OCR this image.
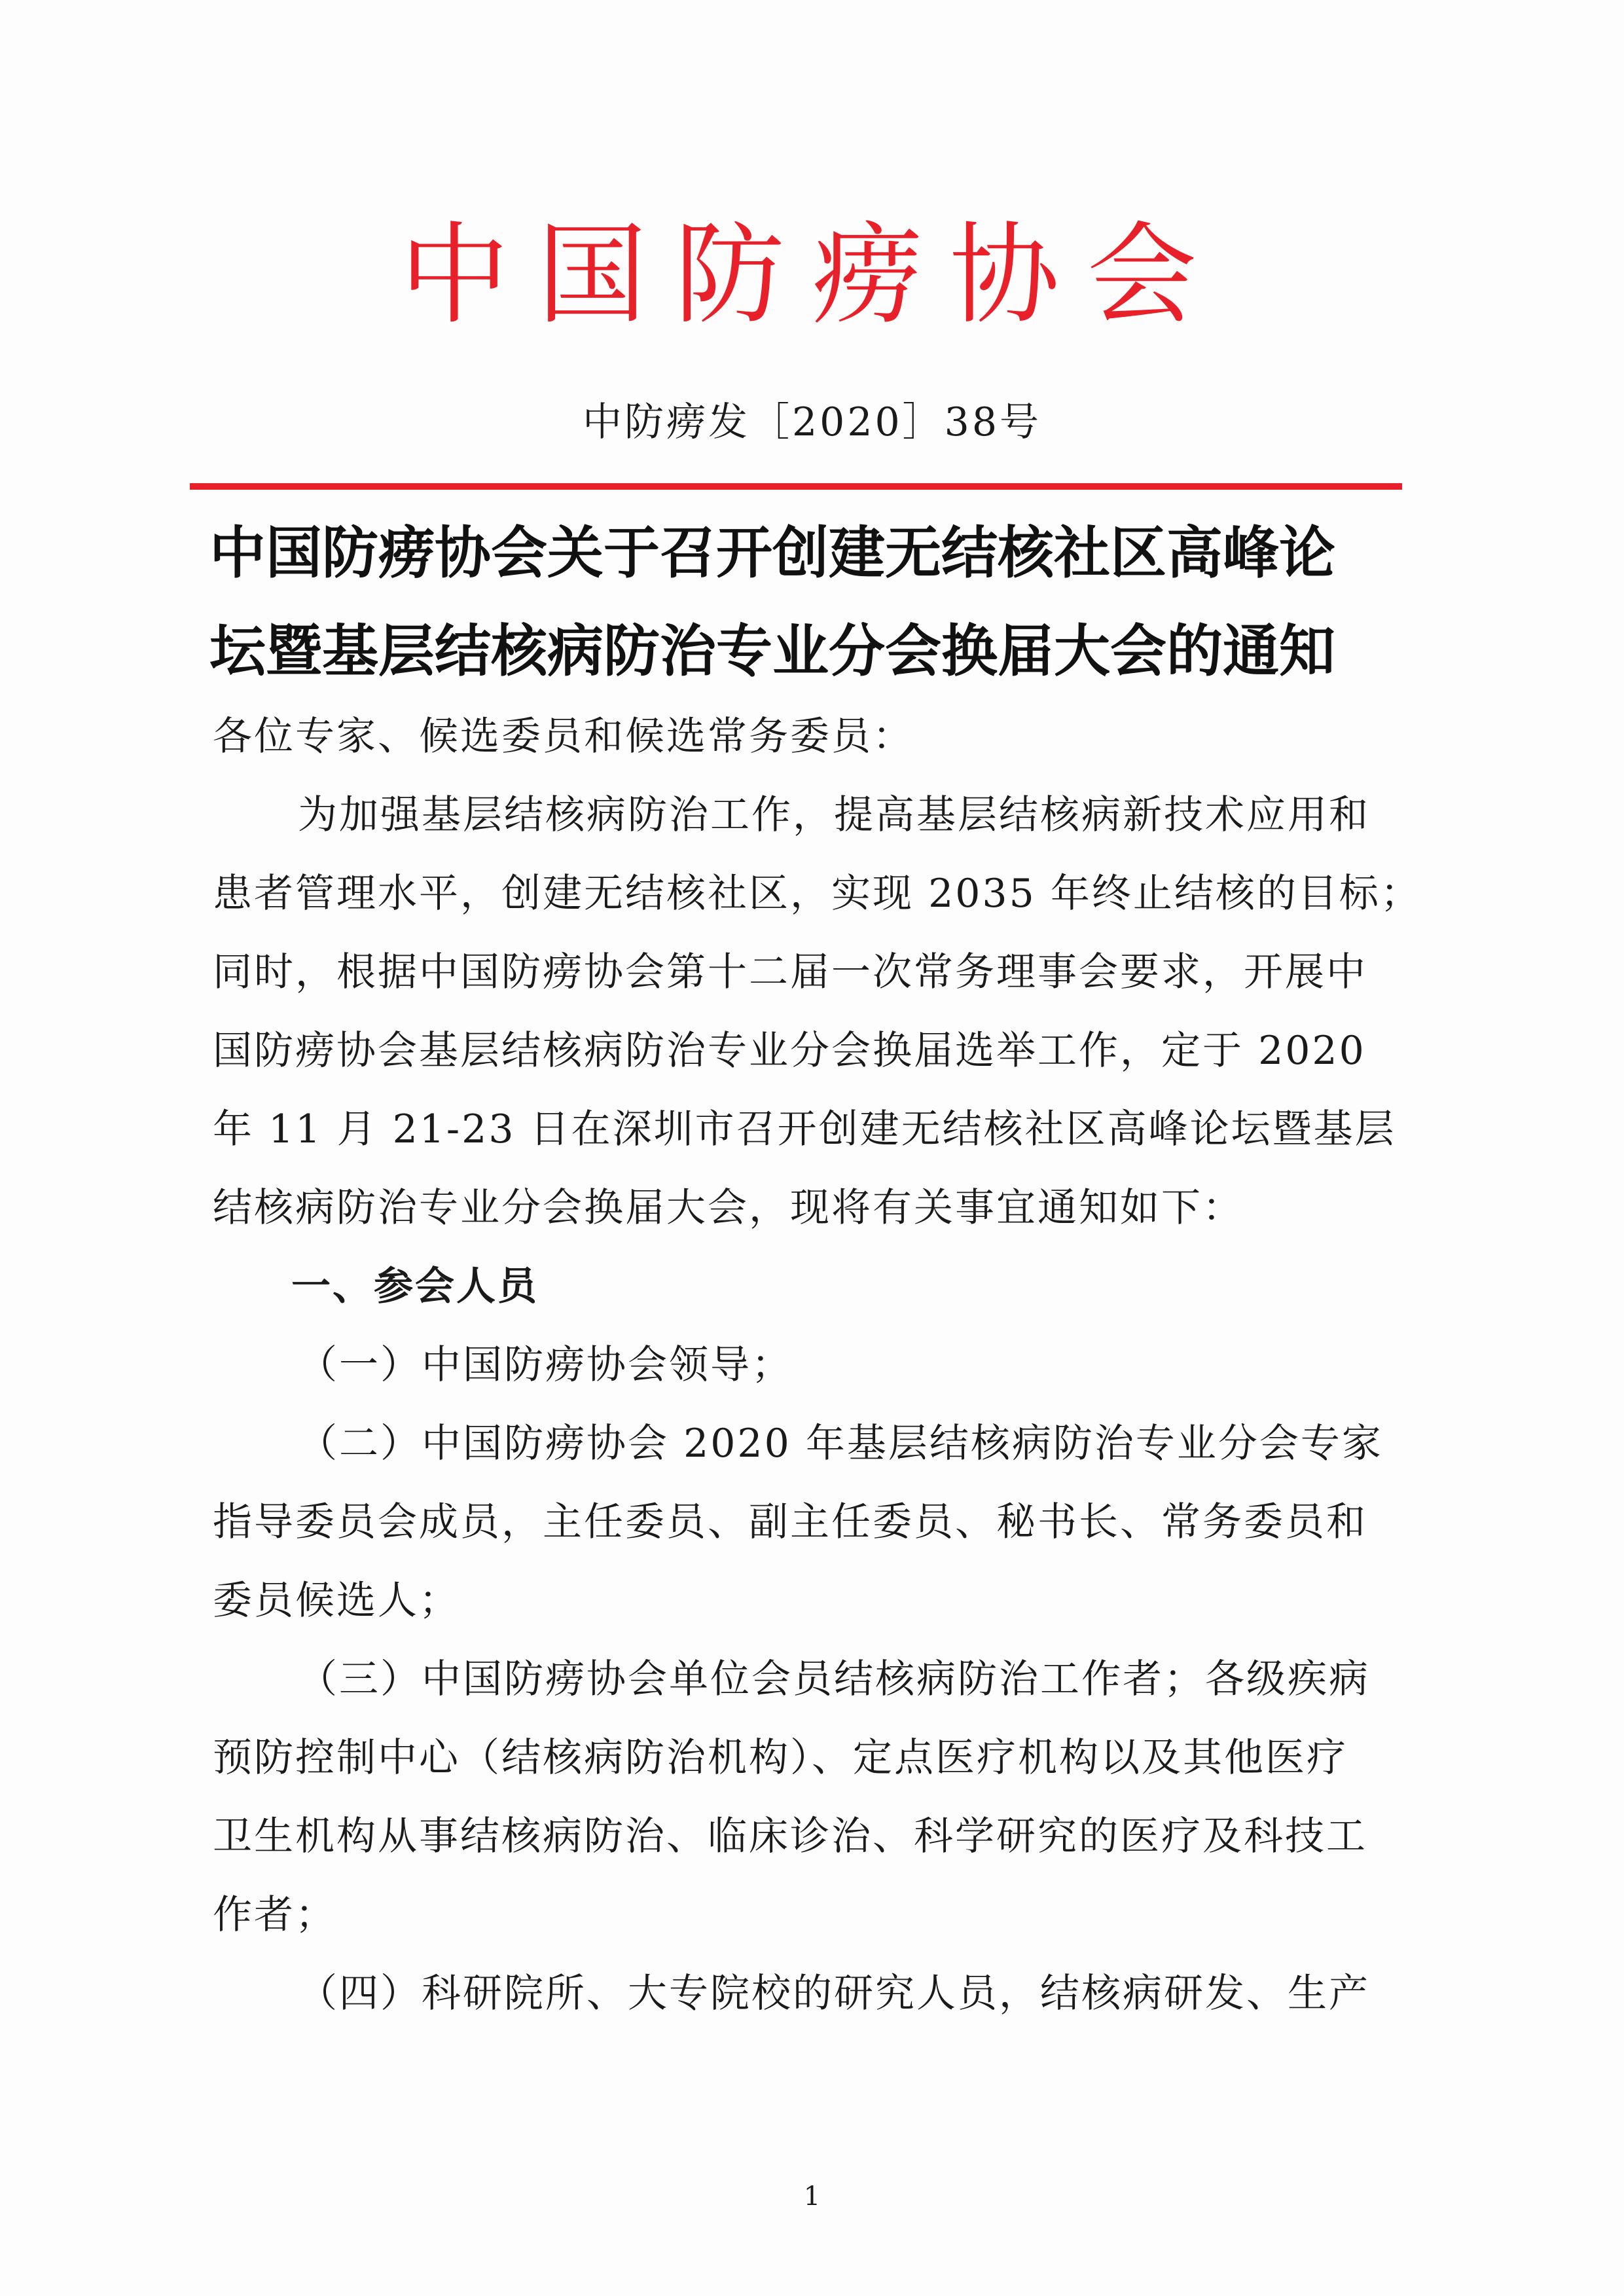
中国防痨协会
中防痨发［2020］38号
中国防痨协会关于召开创建无结核社区高峰论
坛暨基层结核病防治专业分会换届大会的通知
各位专家、候选委员和候选常务委员：
为加强基层结核病防治工作，提高基层结核病新技术应用和
患者管理水平，创建无结核社区，实现 2035 年终止结核的目标；
同时，根据中国防痨协会第十二届一次常务理事会要求，开展中
国防痨协会基层结核病防治专业分会换届选举工作，定于 2020
年 11 月 21-23 日在深圳市召开创建无结核社区高峰论坛暨基层
结核病防治专业分会换届大会，现将有关事宜通知如下：
一、参会人员
（一）中国防痨协会领导；
（二）中国防痨协会 2020 年基层结核病防治专业分会专家
指导委员会成员，主任委员、副主任委员、秘书长、常务委员和
委员候选人；
（三）中国防痨协会单位会员结核病防治工作者；各级疾病
预防控制中心（结核病防治机构）、定点医疗机构以及其他医疗
卫生机构从事结核病防治、临床诊治、科学研究的医疗及科技工
作者；
（四）科研院所、大专院校的研究人员，结核病研发、生产
1
